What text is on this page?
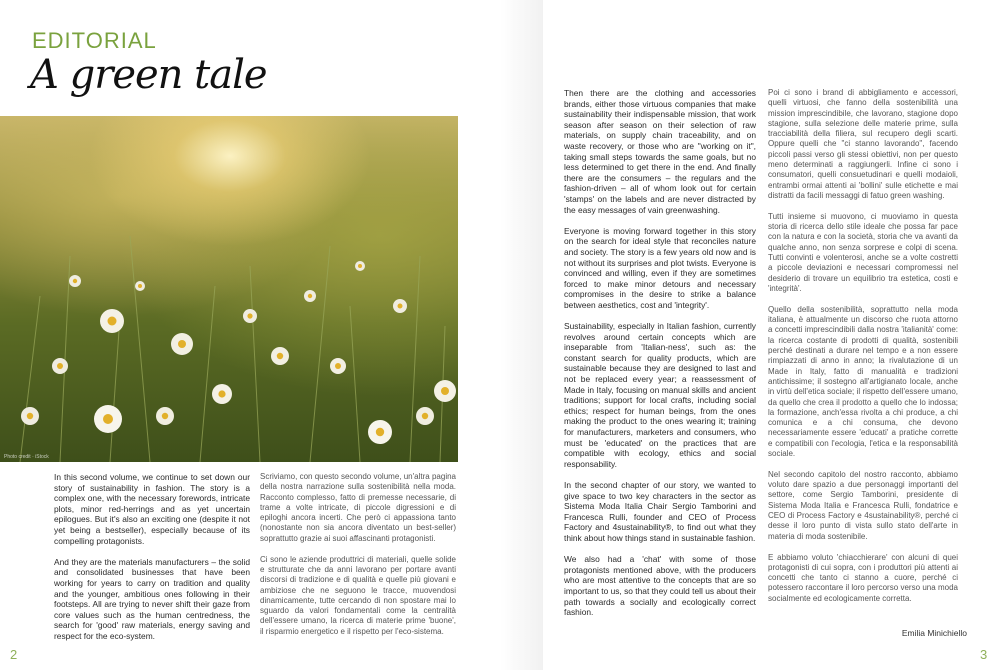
EDITORIAL
A green tale
Photo credit · iStock

In this second volume, we continue to set down our story of sustainability in fashion. The story is a complex one, with the necessary forewords, intricate plots, minor red-herrings and as yet uncertain epilogues. But it's also an exciting one (despite it not yet being a bestseller), especially because of its compelling protagonists.

And they are the materials manufacturers – the solid and consolidated businesses that have been working for years to carry on tradition and quality and the younger, ambitious ones following in their footsteps. All are trying to never shift their gaze from core values such as the human centredness, the search for 'good' raw materials, energy saving and respect for the eco-system.

Scriviamo, con questo secondo volume, un'altra pagina della nostra narrazione sulla sostenibilità nella moda. Racconto complesso, fatto di premesse necessarie, di trame a volte intricate, di piccole digressioni e di epiloghi ancora incerti. Che però ci appassiona tanto (nonostante non sia ancora diventato un best-seller) soprattutto grazie ai suoi affascinanti protagonisti.

Ci sono le aziende produttrici di materiali, quelle solide e strutturate che da anni lavorano per portare avanti discorsi di tradizione e di qualità e quelle più giovani e ambiziose che ne seguono le tracce, muovendosi dinamicamente, tutte cercando di non spostare mai lo sguardo da valori fondamentali come la centralità dell'essere umano, la ricerca di materie prime 'buone', il risparmio energetico e il rispetto per l'eco-sistema.

Then there are the clothing and accessories brands, either those virtuous companies that make sustainability their indispensable mission, that work season after season on their selection of raw materials, on supply chain traceability, and on waste recovery, or those who are "working on it", taking small steps towards the same goals, but no less determined to get there in the end. And finally there are the consumers – the regulars and the fashion-driven – all of whom look out for certain 'stamps' on the labels and are never distracted by the easy messages of vain greenwashing.

Everyone is moving forward together in this story on the search for ideal style that reconciles nature and society. The story is a few years old now and is not without its surprises and plot twists. Everyone is convinced and willing, even if they are sometimes forced to make minor detours and necessary compromises in the desire to strike a balance between aesthetics, cost and 'integrity'.

Sustainability, especially in Italian fashion, currently revolves around certain concepts which are inseparable from 'Italian-ness', such as: the constant search for quality products, which are sustainable because they are designed to last and not be replaced every year; a reassessment of Made in Italy, focusing on manual skills and ancient traditions; support for local crafts, including social ethics; respect for human beings, from the ones making the product to the ones wearing it; training for manufacturers, marketers and consumers, who must be 'educated' on the practices that are compatible with ecology, ethics and social responsability.

In the second chapter of our story, we wanted to give space to two key characters in the sector as Sistema Moda Italia Chair Sergio Tamborini and Francesca Rulli, founder and CEO of Process Factory and 4sustainability®, to find out what they think about how things stand in sustainable fashion.

We also had a 'chat' with some of those protagonists mentioned above, with the producers who are most attentive to the concepts that are so important to us, so that they could tell us about their path towards a socially and ecologically correct fashion.

Poi ci sono i brand di abbigliamento e accessori, quelli virtuosi, che fanno della sostenibilità una mission imprescindibile, che lavorano, stagione dopo stagione, sulla selezione delle materie prime, sulla tracciabilità della filiera, sul recupero degli scarti. Oppure quelli che "ci stanno lavorando", facendo piccoli passi verso gli stessi obiettivi, non per questo meno determinati a raggiungerli. Infine ci sono i consumatori, quelli consuetudinari e quelli modaioli, entrambi ormai attenti ai 'bollini' sulle etichette e mai distratti da facili messaggi di fatuo green washing.

Tutti insieme si muovono, ci muoviamo in questa storia di ricerca dello stile ideale che possa far pace con la natura e con la società, storia che va avanti da qualche anno, non senza sorprese e colpi di scena. Tutti convinti e volenterosi, anche se a volte costretti a piccole deviazioni e necessari compromessi nel desiderio di trovare un equilibrio tra estetica, costi e 'integrità'.

Quello della sostenibilità, soprattutto nella moda italiana, è attualmente un discorso che ruota attorno a concetti imprescindibili dalla nostra 'italianità' come: la ricerca costante di prodotti di qualità, sostenibili perché destinati a durare nel tempo e a non essere rimpiazzati di anno in anno; la rivalutazione di un Made in Italy, fatto di manualità e tradizioni antichissime; il sostegno all'artigianato locale, anche in virtù dell'etica sociale; il rispetto dell'essere umano, da quello che crea il prodotto a quello che lo indossa; la formazione, anch'essa rivolta a chi produce, a chi comunica e a chi consuma, che devono necessariamente essere 'educati' a pratiche corrette e compatibili con l'ecologia, l'etica e la responsabilità sociale.

Nel secondo capitolo del nostro racconto, abbiamo voluto dare spazio a due personaggi importanti del settore, come Sergio Tamborini, presidente di Sistema Moda Italia e Francesca Rulli, fondatrice e CEO di Process Factory e 4sustainability®, perché ci desse il loro punto di vista sullo stato dell'arte in materia di moda sostenibile.

E abbiamo voluto 'chiacchierare' con alcuni di quei protagonisti di cui sopra, con i produttori più attenti ai concetti che tanto ci stanno a cuore, perché ci potessero raccontare il loro percorso verso una moda socialmente ed ecologicamente corretta.

Emilia Minichiello
2	3
